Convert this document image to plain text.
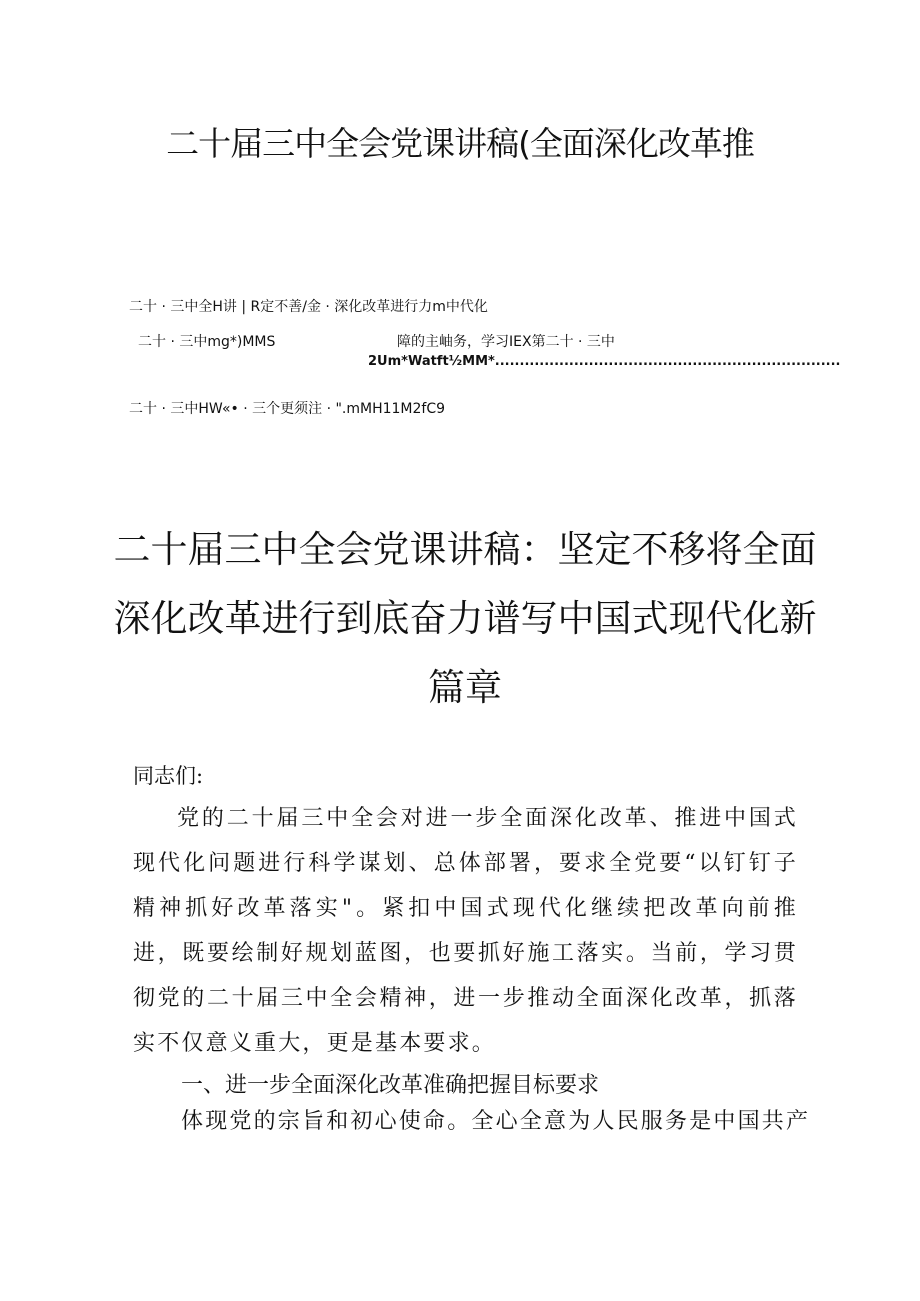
二十届三中全会党课讲稿(全面深化改革推
二十 · 三中全H讲 | R定不善/金 · 深化改革进行力m中代化
二十 · 三中mg*)MMS	障的主岫务，学习IEX第二十 · 三中
2Um*Watft½MM*......................................................................
二十 · 三中HW«• · 三个更须注 · ".mMH11M2fC9
二十届三中全会党课讲稿：坚定不移将全面深化改革进行到底奋力谱写中国式现代化新篇章
同志们:

党的二十届三中全会对进一步全面深化改革、推进中国式现代化问题进行科学谋划、总体部署，要求全党要“以钉钉子精神抓好改革落实"。紧扣中国式现代化继续把改革向前推进，既要绘制好规划蓝图，也要抓好施工落实。当前，学习贯彻党的二十届三中全会精神，进一步推动全面深化改革，抓落实不仅意义重大，更是基本要求。

一、进一步全面深化改革准确把握目标要求

体现党的宗旨和初心使命。全心全意为人民服务是中国共产
